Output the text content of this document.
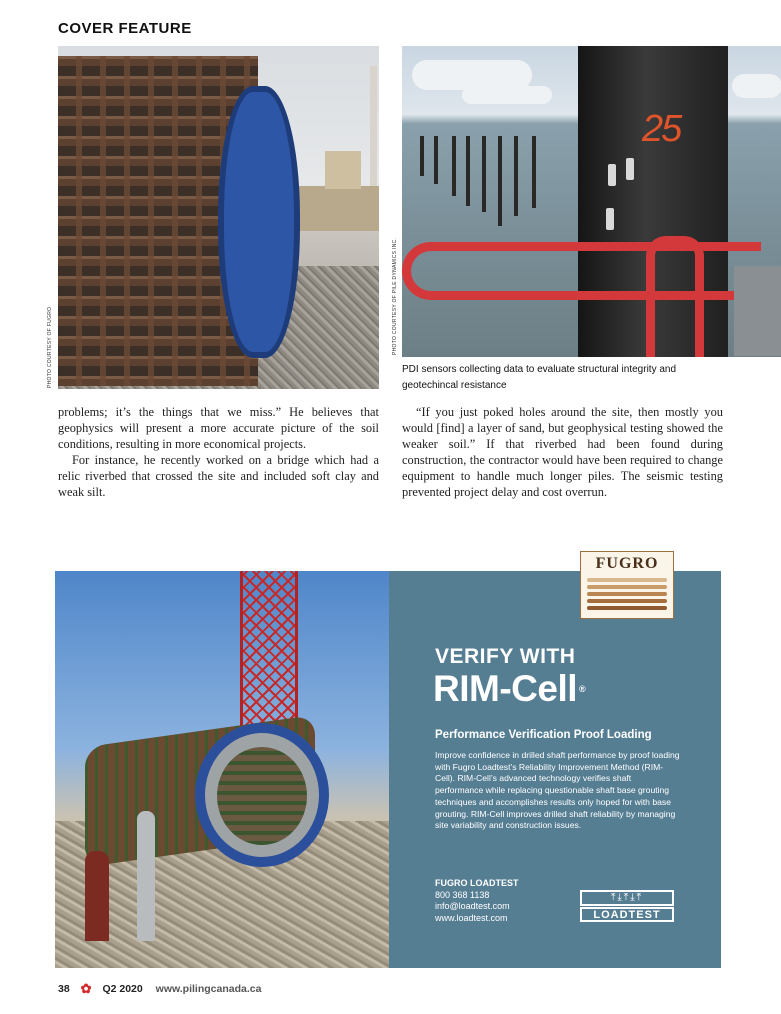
COVER FEATURE
PHOTO COURTESY OF FUGRO
25
PHOTO COURTESY OF PILE DYNAMICS INC.
PDI sensors collecting data to evaluate structural integrity and geotechincal resistance

problems; it’s the things that we miss.” He believes that geophysics will present a more accurate picture of the soil conditions, resulting in more economical projects.

For instance, he recently worked on a bridge which had a relic riverbed that crossed the site and included soft clay and weak silt.

“If you just poked holes around the site, then mostly you would [find] a layer of sand, but geophysical testing showed the weaker soil.” If that riverbed had been found during construction, the contractor would have been required to change equipment to handle much longer piles. The seismic testing prevented project delay and cost overrun.

FUGRO
VERIFY WITH
RIM-Cell ®
Performance Verification Proof Loading
Improve confidence in drilled shaft performance by proof loading with Fugro Loadtest’s Reliability Improvement Method (RIM-Cell). RIM-Cell’s advanced technology verifies shaft performance while replacing questionable shaft base grouting techniques and accomplishes results only hoped for with base grouting. RIM-Cell improves drilled shaft reliability by managing site variability and construction issues.
FUGRO LOADTEST
800 368 1138
info@loadtest.com
www.loadtest.com
⤒⤓⤒⤓⤒
LOADTEST
38 ✿ Q2 2020 www.pilingcanada.ca
